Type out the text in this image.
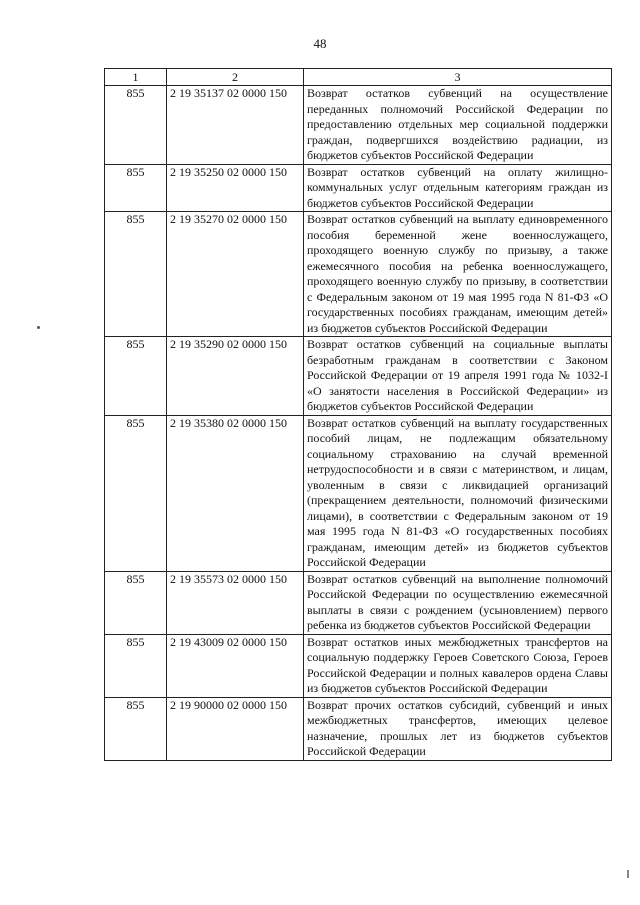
48
1	2	3
855	2 19 35137 02 0000 150	Возврат остатков субвенций на осуществление переданных полномочий Российской Федерации по предоставлению отдельных мер социальной поддержки граждан, подвергшихся воздействию радиации, из бюджетов субъектов Российской Федерации
855	2 19 35250 02 0000 150	Возврат остатков субвенций на оплату жилищно-коммунальных услуг отдельным категориям граждан из бюджетов субъектов Российской Федерации
855	2 19 35270 02 0000 150	Возврат остатков субвенций на выплату единовременного пособия беременной жене военнослужащего, проходящего военную службу по призыву, а также ежемесячного пособия на ребенка военнослужащего, проходящего военную службу по призыву, в соответствии с Федеральным законом от 19 мая 1995 года N 81-ФЗ «О государственных пособиях гражданам, имеющим детей» из бюджетов субъектов Российской Федерации
855	2 19 35290 02 0000 150	Возврат остатков субвенций на социальные выплаты безработным гражданам в соответствии с Законом Российской Федерации от 19 апреля 1991 года № 1032-I «О занятости населения в Российской Федерации» из бюджетов субъектов Российской Федерации
855	2 19 35380 02 0000 150	Возврат остатков субвенций на выплату государственных пособий лицам, не подлежащим обязательному социальному страхованию на случай временной нетрудоспособности и в связи с материнством, и лицам, уволенным в связи с ликвидацией организаций (прекращением деятельности, полномочий физическими лицами), в соответствии с Федеральным законом от 19 мая 1995 года N 81-ФЗ «О государственных пособиях гражданам, имеющим детей» из бюджетов субъектов Российской Федерации
855	2 19 35573 02 0000 150	Возврат остатков субвенций на выполнение полномочий Российской Федерации по осуществлению ежемесячной выплаты в связи с рождением (усыновлением) первого ребенка из бюджетов субъектов Российской Федерации
855	2 19 43009 02 0000 150	Возврат остатков иных межбюджетных трансфертов на социальную поддержку Героев Советского Союза, Героев Российской Федерации и полных кавалеров ордена Славы из бюджетов субъектов Российской Федерации
855	2 19 90000 02 0000 150	Возврат прочих остатков субсидий, субвенций и иных межбюджетных трансфертов, имеющих целевое назначение, прошлых лет из бюджетов субъектов Российской Федерации
